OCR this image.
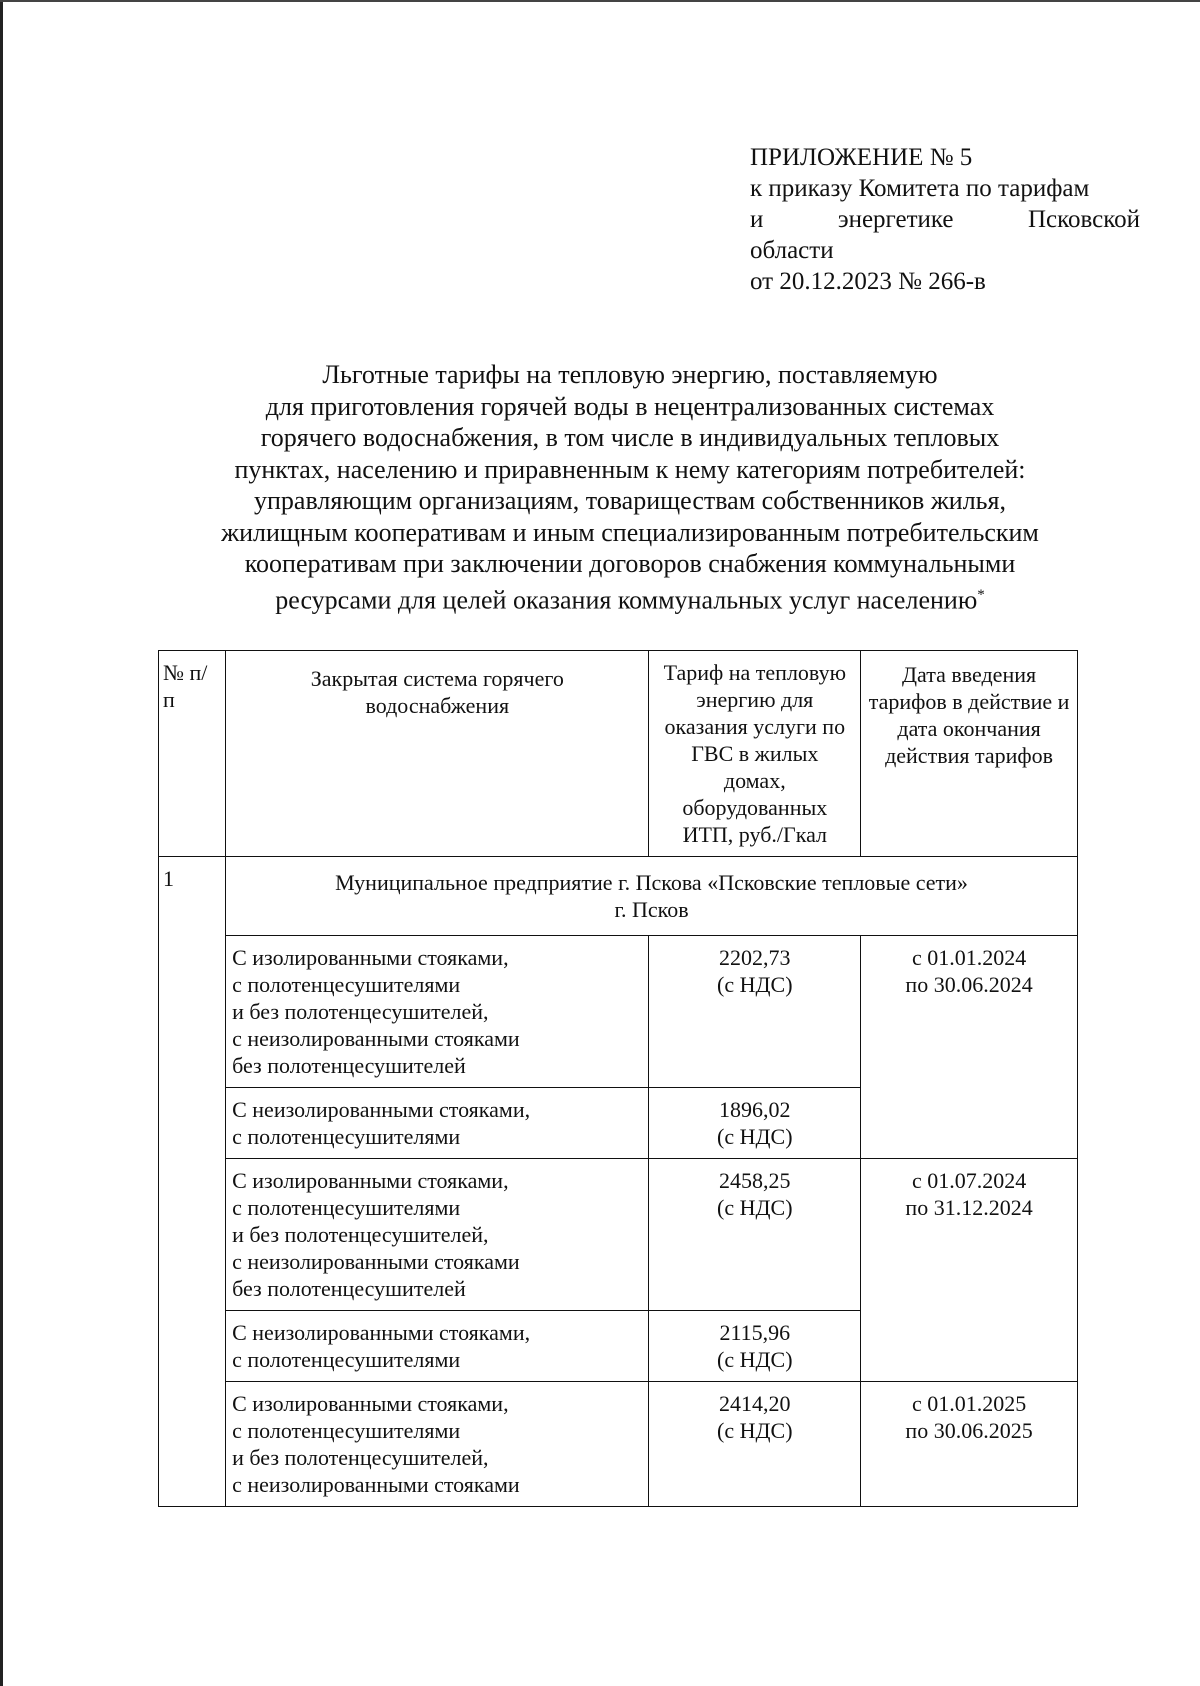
ПРИЛОЖЕНИЕ № 5
к приказу Комитета по тарифам
и энергетике Псковской
области
от 20.12.2023 № 266-в

Льготные тарифы на тепловую энергию, поставляемую

для приготовления горячей воды в нецентрализованных системах

горячего водоснабжения, в том числе в индивидуальных тепловых

пунктах, населению и приравненным к нему категориям потребителей:

управляющим организациям, товариществам собственников жилья,

жилищным кооперативам и иным специализированным потребительским

кооперативам при заключении договоров снабжения коммунальными

ресурсами для целей оказания коммунальных услуг населению*

№ п/п	Закрытая система горячего водоснабжения	Тариф на тепловую энергию для оказания услуги по ГВС в жилых домах, оборудованных ИТП, руб./Гкал	Дата введения тарифов в действие и дата окончания действия тарифов
1	Муниципальное предприятие г. Пскова «Псковские тепловые сети»
г. Псков		
	С изолированными стояками,
с полотенцесушителями
и без полотенцесушителей,
с неизолированными стояками
без полотенцесушителей	2202,73
(с НДС)	с 01.01.2024
по 30.06.2024
	С неизолированными стояками,
с полотенцесушителями	1896,02
(с НДС)	
	С изолированными стояками,
с полотенцесушителями
и без полотенцесушителей,
с неизолированными стояками
без полотенцесушителей	2458,25
(с НДС)	с 01.07.2024
по 31.12.2024
	С неизолированными стояками,
с полотенцесушителями	2115,96
(с НДС)	
	С изолированными стояками,
с полотенцесушителями
и без полотенцесушителей,
с неизолированными стояками	2414,20
(с НДС)	с 01.01.2025
по 30.06.2025
